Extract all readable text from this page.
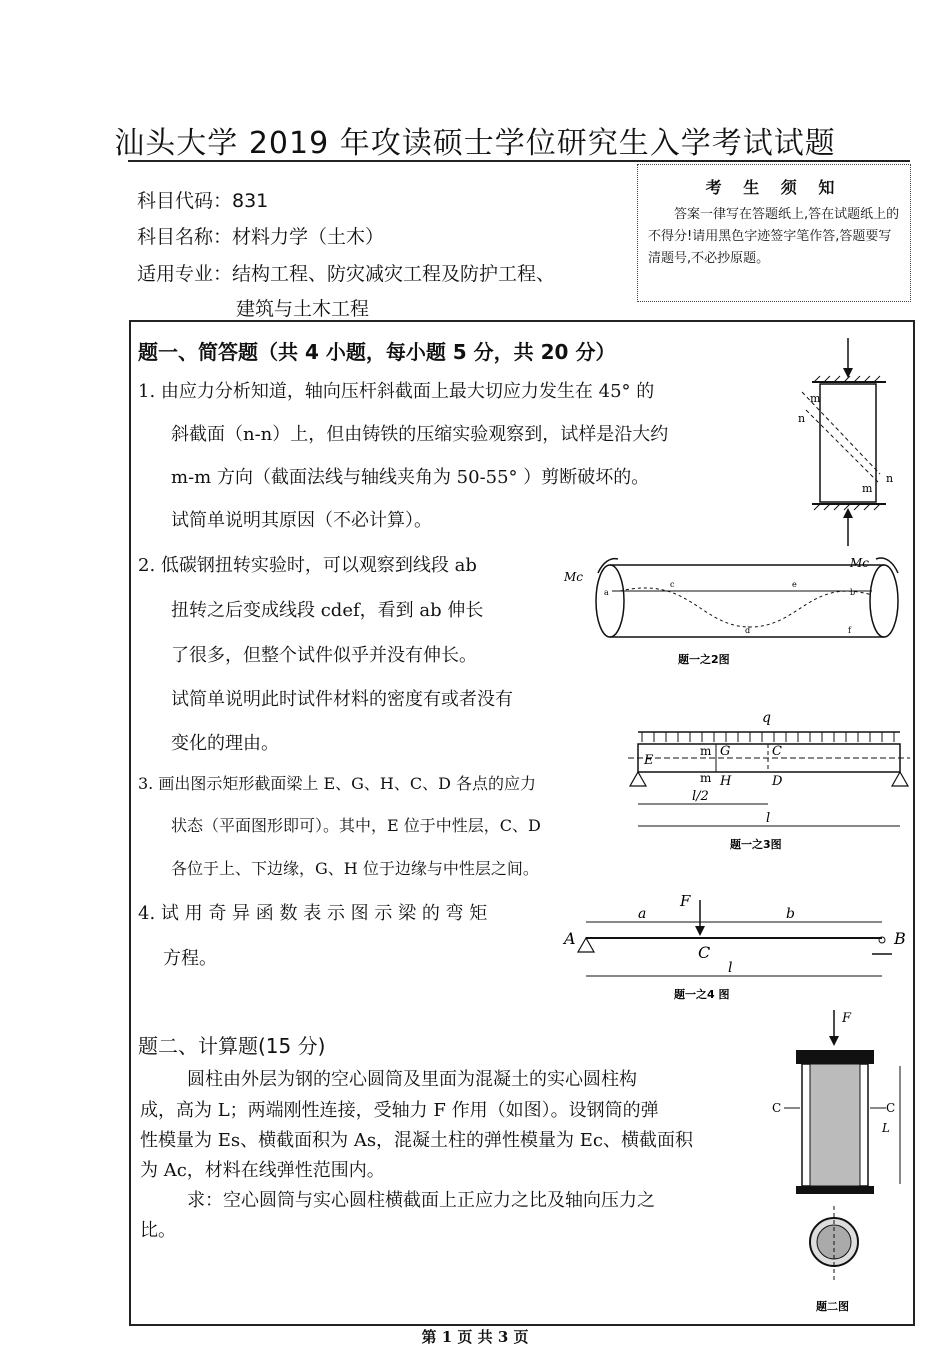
汕头大学 2019 年攻读硕士学位研究生入学考试试题
科目代码：831
科目名称：材料力学（土木）
适用专业：结构工程、防灾减灾工程及防护工程、
建筑与土木工程
考 生 须 知
答案一律写在答题纸上,答在试题纸上的不得分!请用黑色字迹签字笔作答,答题要写清题号,不必抄原题。
题一、简答题（共 4 小题，每小题 5 分，共 20 分）
1. 由应力分析知道，轴向压杆斜截面上最大切应力发生在 45° 的
斜截面（n-n）上，但由铸铁的压缩实验观察到，试样是沿大约
m-m 方向（截面法线与轴线夹角为 50-55° ）剪断破坏的。
试简单说明其原因（不必计算）。
2. 低碳钢扭转实验时，可以观察到线段 ab
扭转之后变成线段 cdef，看到 ab 伸长
了很多，但整个试件似乎并没有伸长。
试简单说明此时试件材料的密度有或者没有
变化的理由。
3. 画出图示矩形截面梁上 E、G、H、C、D 各点的应力
状态（平面图形即可）。其中，E 位于中性层，C、D
各位于上、下边缘，G、H 位于边缘与中性层之间。
4. 试 用 奇 异 函 数 表 示 图 示 梁 的 弯 矩
方程。
题二、计算题(15 分)
圆柱由外层为钢的空心圆筒及里面为混凝土的实心圆柱构
成，高为 L；两端刚性连接，受轴力 F 作用（如图）。设钢筒的弹
性模量为 Es、横截面积为 As，混凝土柱的弹性模量为 Ec、横截面积
为 Ac，材料在线弹性范围内。
求：空心圆筒与实心圆柱横截面上正应力之比及轴向压力之
比。
m
n
m
n
Mc
Mc
a	b
c
d
e
f
题一之2图
q
E
m G	C
m H	D
l/2
l
题一之3图
F
a	b
A	B
C
l
题一之4 图
F
C	C
L
题二图
第 1 页 共 3 页
